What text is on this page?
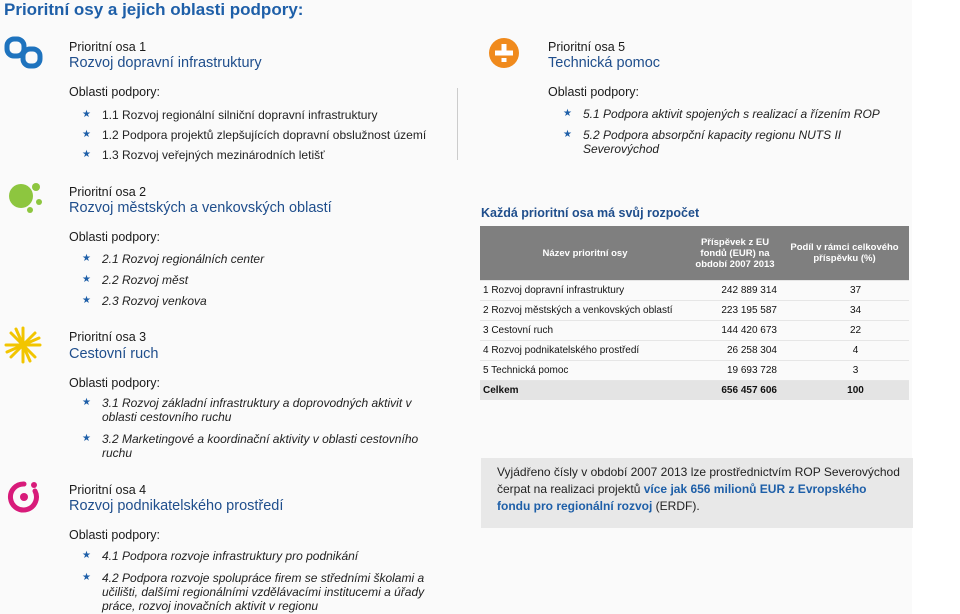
Prioritní osy a jejich oblasti podpory:
Prioritní osa 1
Rozvoj dopravní infrastruktury
Oblasti podpory:
★ 1.1 Rozvoj regionální silniční dopravní infrastruktury
★ 1.2 Podpora projektů zlepšujících dopravní obslužnost území
★ 1.3 Rozvoj veřejných mezinárodních letišť
Prioritní osa 2
Rozvoj městských a venkovských oblastí
Oblasti podpory:
★ 2.1 Rozvoj regionálních center
★ 2.2 Rozvoj měst
★ 2.3 Rozvoj venkova
Prioritní osa 3
Cestovní ruch
Oblasti podpory:
★ 3.1 Rozvoj základní infrastruktury a doprovodných aktivit v oblasti cestovního ruchu
★ 3.2 Marketingové a koordinační aktivity v oblasti cestovního ruchu
Prioritní osa 4
Rozvoj podnikatelského prostředí
Oblasti podpory:
★ 4.1 Podpora rozvoje infrastruktury pro podnikání
★ 4.2 Podpora rozvoje spolupráce firem se středními školami a učilišti, dalšími regionálními vzdělávacími institucemi a úřady práce, rozvoj inovačních aktivit v regionu
Prioritní osa 5
Technická pomoc
Oblasti podpory:
★ 5.1 Podpora aktivit spojených s realizací a řízením ROP
★ 5.2 Podpora absorpční kapacity regionu NUTS II Severovýchod
Každá prioritní osa má svůj rozpočet
Název prioritní osy	Příspěvek z EU fondů (EUR) na období 2007 2013	Podíl v rámci celkového příspěvku (%)
1 Rozvoj dopravní infrastruktury	242 889 314	37
2 Rozvoj městských a venkovských oblastí	223 195 587	34
3 Cestovní ruch	144 420 673	22
4 Rozvoj podnikatelského prostředí	26 258 304	4
5 Technická pomoc	19 693 728	3
Celkem	656 457 606	100
Vyjádřeno čísly v období 2007 2013 lze prostřednictvím ROP Severovýchod čerpat na realizaci projektů více jak 656 milionů EUR z Evropského fondu pro regionální rozvoj (ERDF).
